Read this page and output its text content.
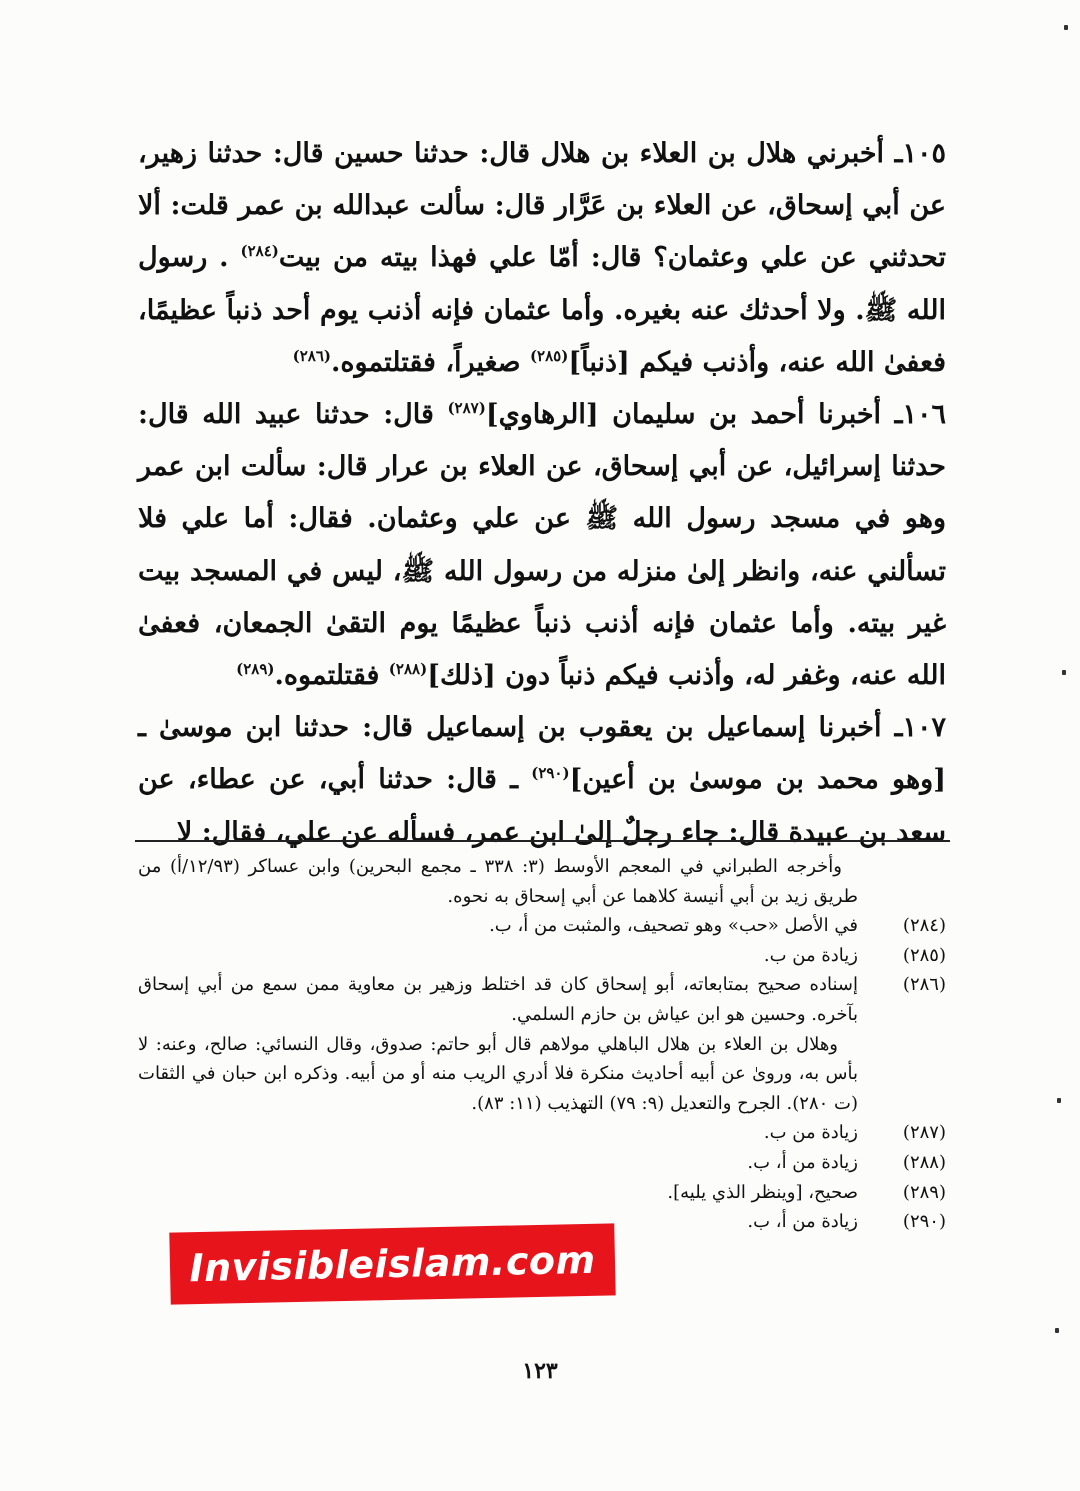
١٠٥ـ أخبرني هلال بن العلاء بن هلال قال: حدثنا حسين قال: حدثنا زهير، عن أبي إسحاق، عن العلاء بن عَرَّار قال: سألت عبدالله بن عمر قلت: ألا تحدثني عن علي وعثمان؟ قال: أمّا علي فهذا بيته من بيت$^{(٢٨٤)}$ . رسول الله ﷺ. ولا أحدثك عنه بغيره. وأما عثمان فإنه أذنب يوم أحد ذنباً عظيمًا، فعفىٰ الله عنه، وأذنب فيكم [ذنباً]$^{(٢٨٥)}$ صغيراً، فقتلتموه.$^{(٢٨٦)}$

١٠٦ـ أخبرنا أحمد بن سليمان [الرهاوي]$^{(٢٨٧)}$ قال: حدثنا عبيد الله قال: حدثنا إسرائيل، عن أبي إسحاق، عن العلاء بن عرار قال: سألت ابن عمر وهو في مسجد رسول الله ﷺ عن علي وعثمان. فقال: أما علي فلا تسألني عنه، وانظر إلىٰ منزله من رسول الله ﷺ، ليس في المسجد بيت غير بيته. وأما عثمان فإنه أذنب ذنباً عظيمًا يوم التقىٰ الجمعان، فعفىٰ الله عنه، وغفر له، وأذنب فيكم ذنباً دون [ذلك]$^{(٢٨٨)}$ فقتلتموه.$^{(٢٨٩)}$

١٠٧ـ أخبرنا إسماعيل بن يعقوب بن إسماعيل قال: حدثنا ابن موسىٰ ـ [وهو محمد بن موسىٰ بن أعين]$^{(٢٩٠)}$ ـ قال: حدثنا أبي، عن عطاء، عن سعد بن عبيدة قال: جاء رجلٌ إلىٰ ابن عمر، فسأله عن علي، فقال: لا

وأخرجه الطبراني في المعجم الأوسط (٣: ٣٣٨ ـ مجمع البحرين) وابن عساكر (١٢/٩٣/أ) من طريق زيد بن أبي أنيسة كلاهما عن أبي إسحاق به نحوه.

(٢٨٤)
في الأصل «حب» وهو تصحيف، والمثبت من أ، ب.
(٢٨٥)
زيادة من ب.
(٢٨٦)
إسناده صحيح بمتابعاته، أبو إسحاق كان قد اختلط وزهير بن معاوية ممن سمع من أبي إسحاق بآخره. وحسين هو ابن عياش بن حازم السلمي.

وهلال بن العلاء بن هلال الباهلي مولاهم قال أبو حاتم: صدوق، وقال النسائي: صالح، وعنه: لا بأس به، وروىٰ عن أبيه أحاديث منكرة فلا أدري الريب منه أو من أبيه. وذكره ابن حبان في الثقات (ت ٢٨٠). الجرح والتعديل (٩: ٧٩) التهذيب (١١: ٨٣).

(٢٨٧)
زيادة من ب.
(٢٨٨)
زيادة من أ، ب.
(٢٨٩)
صحيح، [وينظر الذي يليه].
(٢٩٠)
زيادة من أ، ب.
Invisibleislam.com
١٢٣
